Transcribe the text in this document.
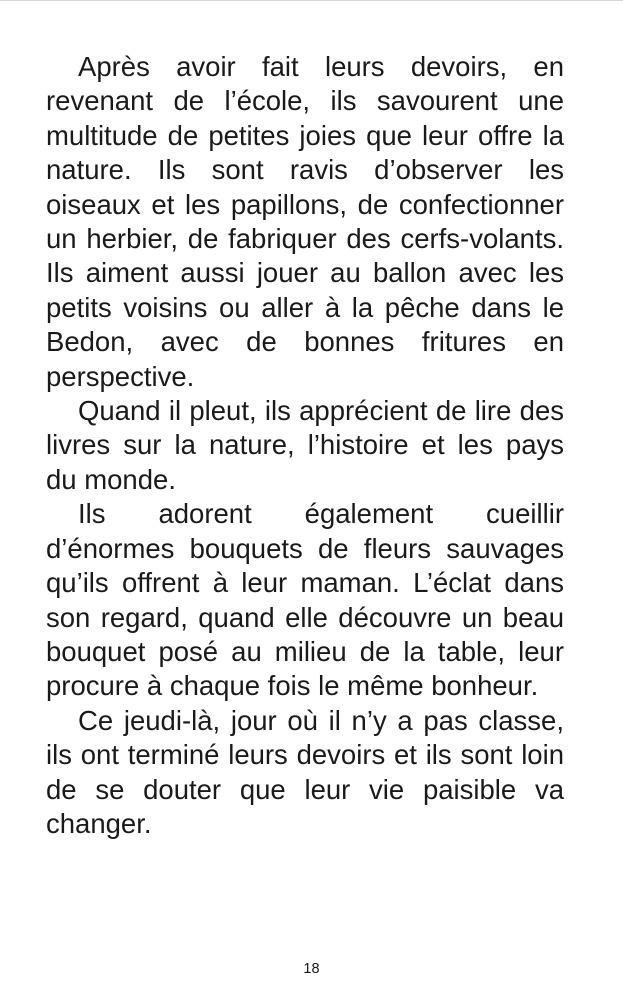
Après avoir fait leurs devoirs, en revenant de l’école, ils savourent une multitude de petites joies que leur offre la nature. Ils sont ravis d’observer les oiseaux et les papillons, de confectionner un herbier, de fabriquer des cerfs-volants. Ils aiment aussi jouer au ballon avec les petits voisins ou aller à la pêche dans le Bedon, avec de bonnes fritures en perspective.

Quand il pleut, ils apprécient de lire des livres sur la nature, l’histoire et les pays du monde.

Ils adorent également cueillir d’énormes bouquets de fleurs sauvages qu’ils offrent à leur maman. L’éclat dans son regard, quand elle découvre un beau bouquet posé au milieu de la table, leur procure à chaque fois le même bonheur.

Ce jeudi-là, jour où il n’y a pas classe, ils ont terminé leurs devoirs et ils sont loin de se douter que leur vie paisible va changer.

18
